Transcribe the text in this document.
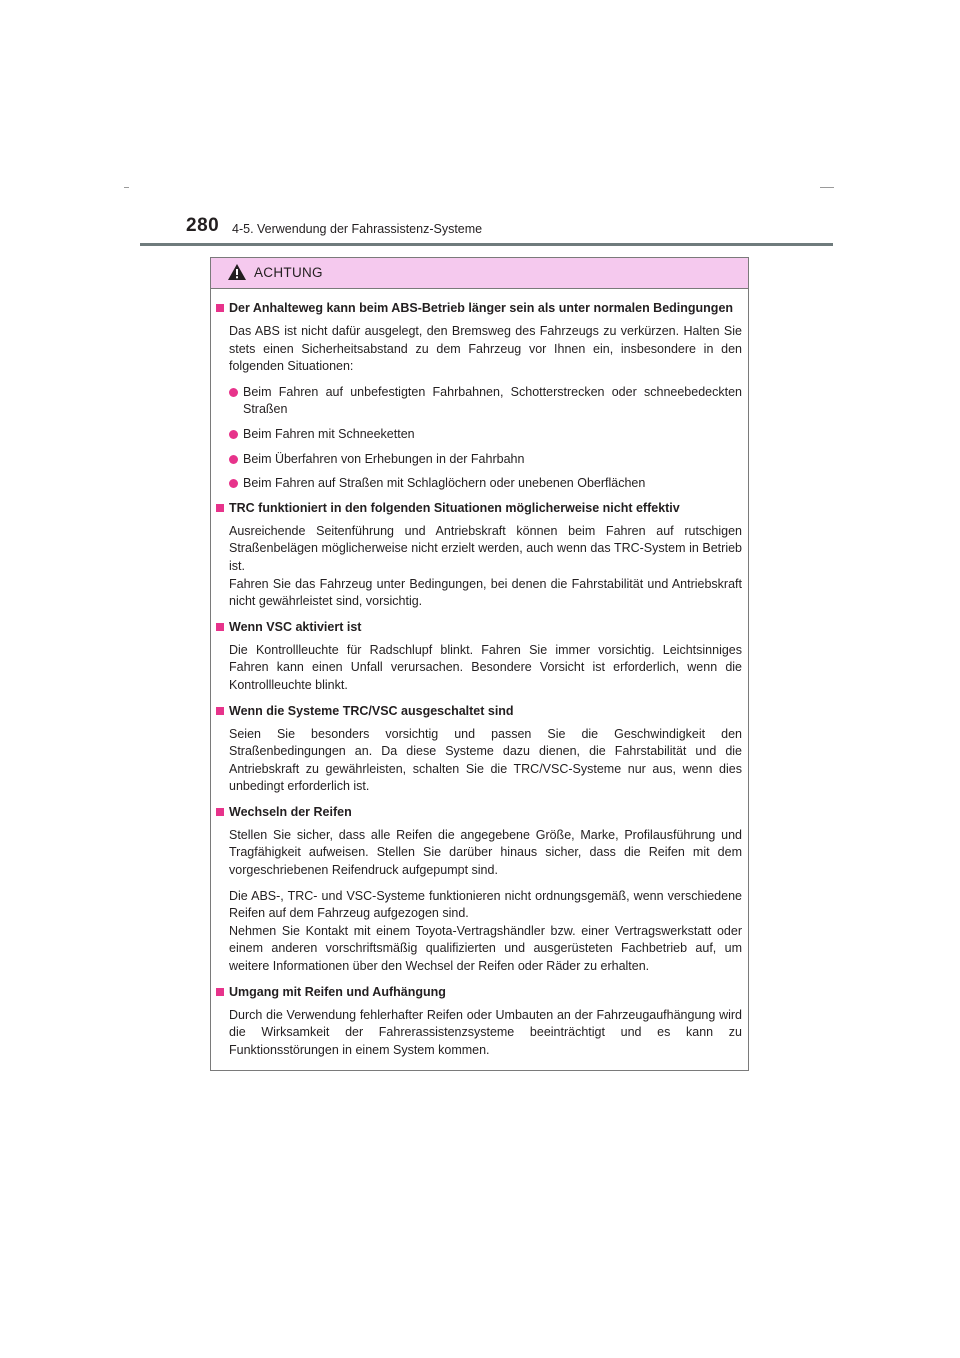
280 4-5. Verwendung der Fahrassistenz-Systeme
ACHTUNG
Der Anhalteweg kann beim ABS-Betrieb länger sein als unter normalen Bedingungen
Das ABS ist nicht dafür ausgelegt, den Bremsweg des Fahrzeugs zu verkürzen. Halten Sie stets einen Sicherheitsabstand zu dem Fahrzeug vor Ihnen ein, insbesondere in den folgenden Situationen:
Beim Fahren auf unbefestigten Fahrbahnen, Schotterstrecken oder schneebedeckten Straßen
Beim Fahren mit Schneeketten
Beim Überfahren von Erhebungen in der Fahrbahn
Beim Fahren auf Straßen mit Schlaglöchern oder unebenen Oberflächen
TRC funktioniert in den folgenden Situationen möglicherweise nicht effektiv
Ausreichende Seitenführung und Antriebskraft können beim Fahren auf rutschigen Straßenbelägen möglicherweise nicht erzielt werden, auch wenn das TRC-System in Betrieb ist.
Fahren Sie das Fahrzeug unter Bedingungen, bei denen die Fahrstabilität und Antriebskraft nicht gewährleistet sind, vorsichtig.
Wenn VSC aktiviert ist
Die Kontrollleuchte für Radschlupf blinkt. Fahren Sie immer vorsichtig. Leichtsinniges Fahren kann einen Unfall verursachen. Besondere Vorsicht ist erforderlich, wenn die Kontrollleuchte blinkt.
Wenn die Systeme TRC/VSC ausgeschaltet sind
Seien Sie besonders vorsichtig und passen Sie die Geschwindigkeit den Straßenbedingungen an. Da diese Systeme dazu dienen, die Fahrstabilität und die Antriebskraft zu gewährleisten, schalten Sie die TRC/VSC-Systeme nur aus, wenn dies unbedingt erforderlich ist.
Wechseln der Reifen
Stellen Sie sicher, dass alle Reifen die angegebene Größe, Marke, Profilausführung und Tragfähigkeit aufweisen. Stellen Sie darüber hinaus sicher, dass die Reifen mit dem vorgeschriebenen Reifendruck aufgepumpt sind.
Die ABS-, TRC- und VSC-Systeme funktionieren nicht ordnungsgemäß, wenn verschiedene Reifen auf dem Fahrzeug aufgezogen sind.
Nehmen Sie Kontakt mit einem Toyota-Vertragshändler bzw. einer Vertragswerkstatt oder einem anderen vorschriftsmäßig qualifizierten und ausgerüsteten Fachbetrieb auf, um weitere Informationen über den Wechsel der Reifen oder Räder zu erhalten.
Umgang mit Reifen und Aufhängung
Durch die Verwendung fehlerhafter Reifen oder Umbauten an der Fahrzeugaufhängung wird die Wirksamkeit der Fahrerassistenzsysteme beeinträchtigt und es kann zu Funktionsstörungen in einem System kommen.
